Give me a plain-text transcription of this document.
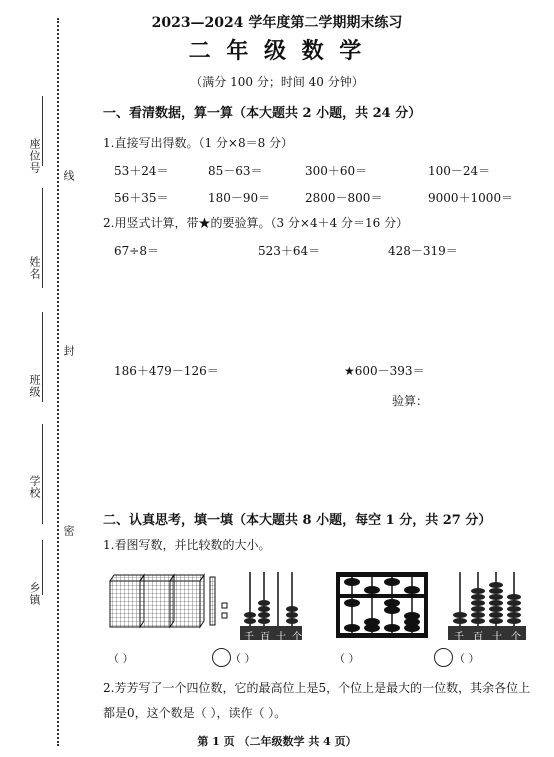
座位号
线
姓名
封
班级
学校
密
乡镇
2023—2024 学年度第二学期期末练习
二 年 级 数 学
（满分 100 分；时间 40 分钟）
一、看清数据，算一算（本大题共 2 小题，共 24 分）
1.直接写出得数。（1 分×8＝8 分）
53＋24＝	85－63＝	300＋60＝	100－24＝
56＋35＝	180－90＝	2800－800＝	9000＋1000＝
2.用竖式计算，带★的要验算。（3 分×4＋4 分＝16 分）
67÷8＝	523＋64＝	428－319＝
186＋479－126＝	★600－393＝
验算：
二、认真思考，填一填（本大题共 8 小题，每空 1 分，共 27 分）
1.看图写数，并比较数的大小。
千百十个	千百十个
（ ）	（ ）	（ ）	（ ）
2.芳芳写了一个四位数，它的最高位上是5，个位上是最大的一位数，其余各位上
都是0，这个数是（ ），读作（ ）。
第 1 页 （二年级数学 共 4 页）
